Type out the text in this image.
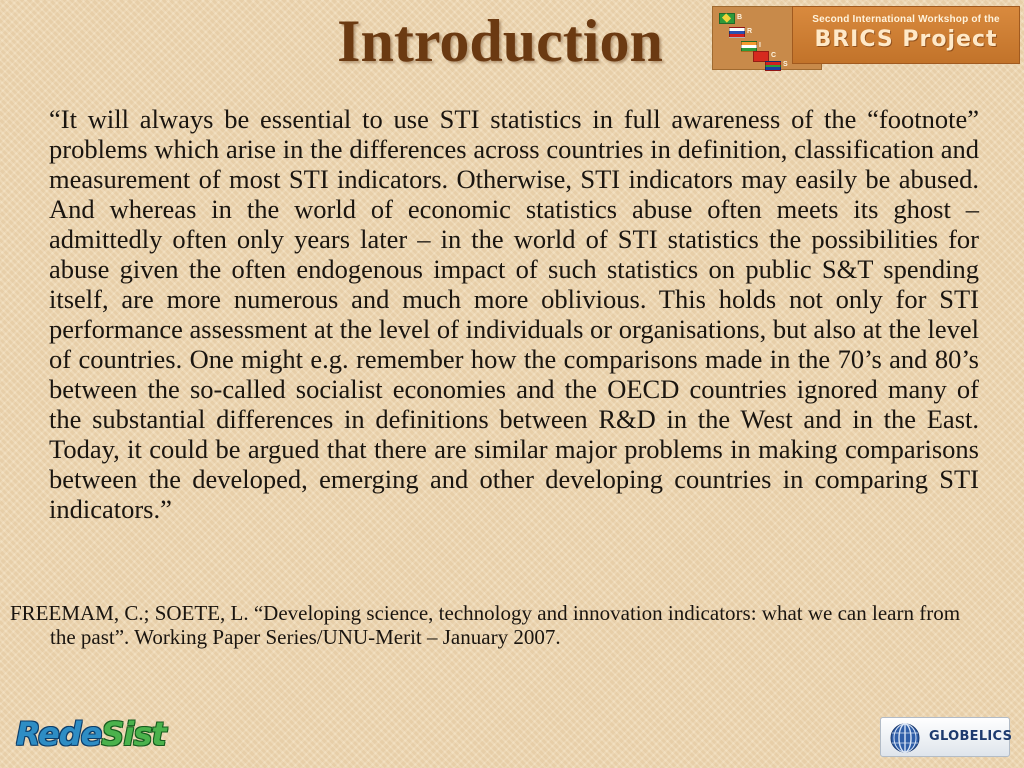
Introduction	B
R
I
C
S
Second International Workshop of the
BRICS Project

“It will always be essential to use STI statistics in full awareness of the “footnote” problems which arise in the differences across countries in definition, classification and measurement of most STI indicators. Otherwise, STI indicators may easily be abused. And whereas in the world of economic statistics abuse often meets its ghost – admittedly often only years later – in the world of STI statistics the possibilities for abuse given the often endogenous impact of such statistics on public S&T spending itself, are more numerous and much more oblivious. This holds not only for STI performance assessment at the level of individuals or organisations, but also at the level of countries. One might e.g. remember how the comparisons made in the 70’s and 80’s between the so-called socialist economies and the OECD countries ignored many of the substantial differences in definitions between R&D in the West and in the East. Today, it could be argued that there are similar major problems in making comparisons between the developed, emerging and other developing countries in comparing STI indicators.”

FREEMAM, C.; SOETE, L. “Developing science, technology and innovation indicators: what we can learn from the past”. Working Paper Series/UNU-Merit – January 2007.

RedeSist	GLOBELICS
